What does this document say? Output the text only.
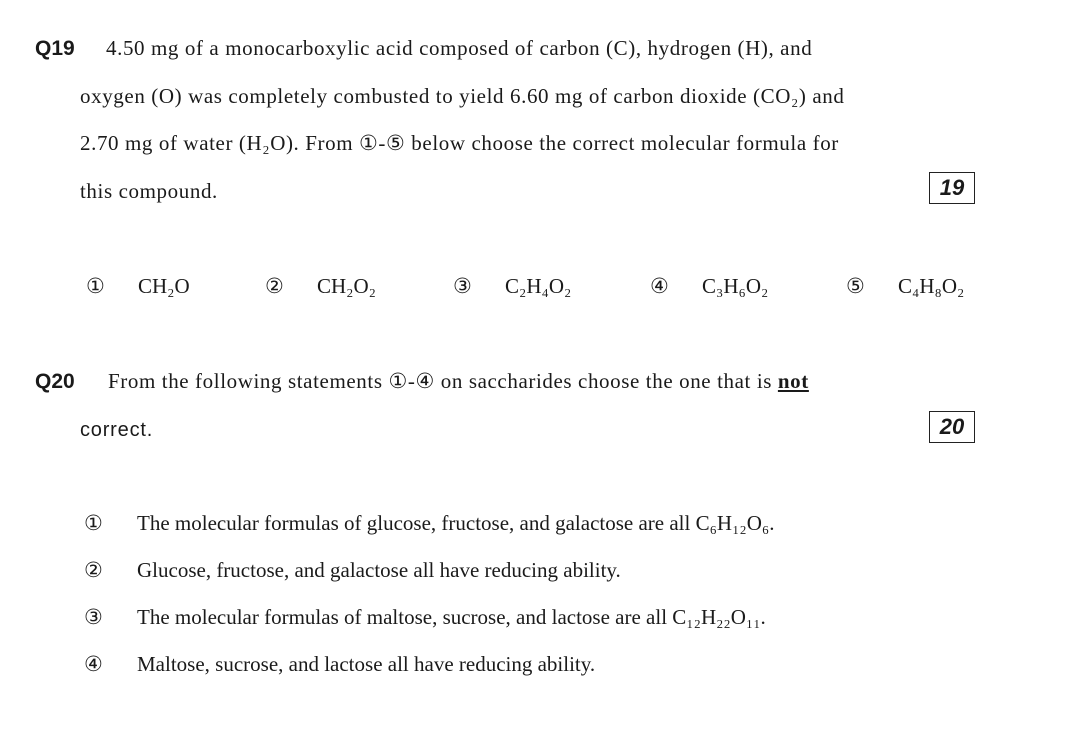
Q19 4.50 mg of a monocarboxylic acid composed of carbon (C), hydrogen (H), and
oxygen (O) was completely combusted to yield 6.60 mg of carbon dioxide (CO₂) and
2.70 mg of water (H₂O). From ①-⑤ below choose the correct molecular formula for
this compound.	19
① CH₂O	② CH₂O₂	③ C₂H₄O₂	④ C₃H₆O₂	⑤ C₄H₈O₂
Q20 From the following statements ①-④ on saccharides choose the one that is not
correct.	20
① The molecular formulas of glucose, fructose, and galactose are all C₆H₁₂O₆.
② Glucose, fructose, and galactose all have reducing ability.
③ The molecular formulas of maltose, sucrose, and lactose are all C₁₂H₂₂O₁₁.
④ Maltose, sucrose, and lactose all have reducing ability.
